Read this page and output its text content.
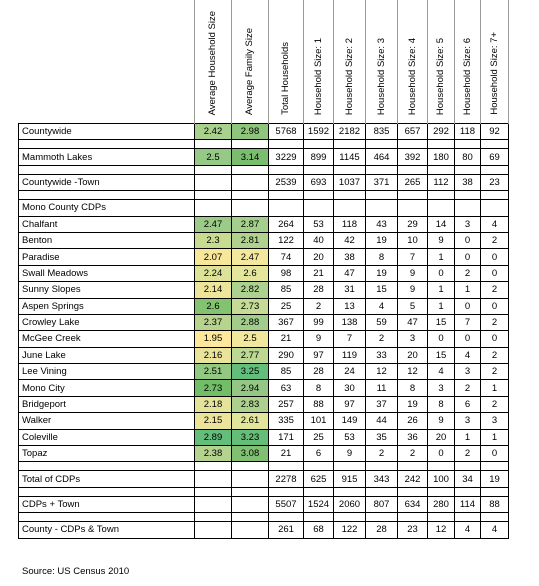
	Average Household Size	Average Family Size	Total Households	Household Size: 1	Household Size: 2	Household Size: 3	Household Size: 4	Household Size: 5	Household Size: 6	Household Size: 7+
Countywide	2.42	2.98	5768	1592	2182	835	657	292	118	92

Mammoth Lakes	2.5	3.14	3229	899	1145	464	392	180	80	69

Countywide -Town			2539	693	1037	371	265	112	38	23

Mono County CDPs										
Chalfant	2.47	2.87	264	53	118	43	29	14	3	4
Benton	2.3	2.81	122	40	42	19	10	9	0	2
Paradise	2.07	2.47	74	20	38	8	7	1	0	0
Swall Meadows	2.24	2.6	98	21	47	19	9	0	2	0
Sunny Slopes	2.14	2.82	85	28	31	15	9	1	1	2
Aspen Springs	2.6	2.73	25	2	13	4	5	1	0	0
Crowley Lake	2.37	2.88	367	99	138	59	47	15	7	2
McGee Creek	1.95	2.5	21	9	7	2	3	0	0	0
June Lake	2.16	2.77	290	97	119	33	20	15	4	2
Lee Vining	2.51	3.25	85	28	24	12	12	4	3	2
Mono City	2.73	2.94	63	8	30	11	8	3	2	1
Bridgeport	2.18	2.83	257	88	97	37	19	8	6	2
Walker	2.15	2.61	335	101	149	44	26	9	3	3
Coleville	2.89	3.23	171	25	53	35	36	20	1	1
Topaz	2.38	3.08	21	6	9	2	2	0	2	0

Total of CDPs			2278	625	915	343	242	100	34	19

CDPs + Town			5507	1524	2060	807	634	280	114	88

County - CDPs & Town			261	68	122	28	23	12	4	4
Source: US Census 2010
